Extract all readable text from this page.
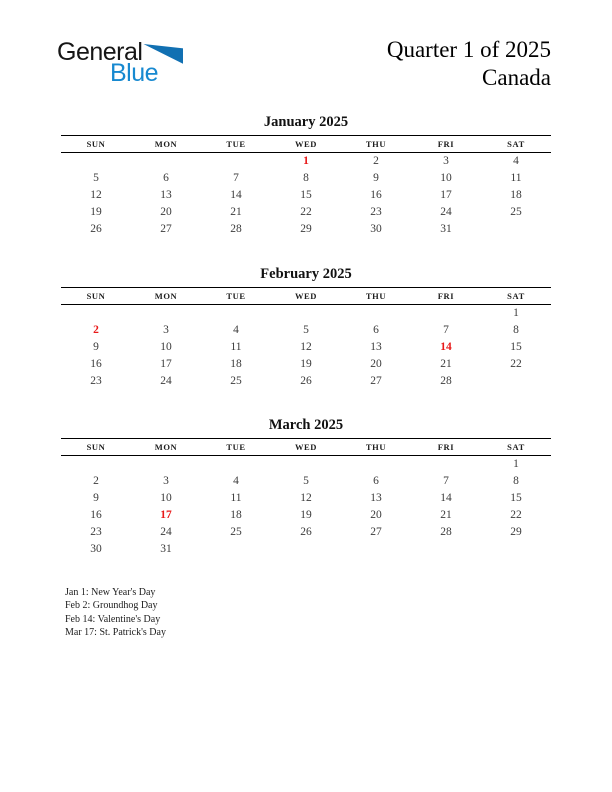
General
Blue
Quarter 1 of 2025
Canada
January 2025
SUN	MON	TUE	WED	THU	FRI	SAT
			1	2	3	4
5	6	7	8	9	10	11
12	13	14	15	16	17	18
19	20	21	22	23	24	25
26	27	28	29	30	31	
February 2025
SUN	MON	TUE	WED	THU	FRI	SAT
						1
2	3	4	5	6	7	8
9	10	11	12	13	14	15
16	17	18	19	20	21	22
23	24	25	26	27	28	
March 2025
SUN	MON	TUE	WED	THU	FRI	SAT
						1
2	3	4	5	6	7	8
9	10	11	12	13	14	15
16	17	18	19	20	21	22
23	24	25	26	27	28	29
30	31					
Jan 1: New Year's Day
Feb 2: Groundhog Day
Feb 14: Valentine's Day
Mar 17: St. Patrick's Day
